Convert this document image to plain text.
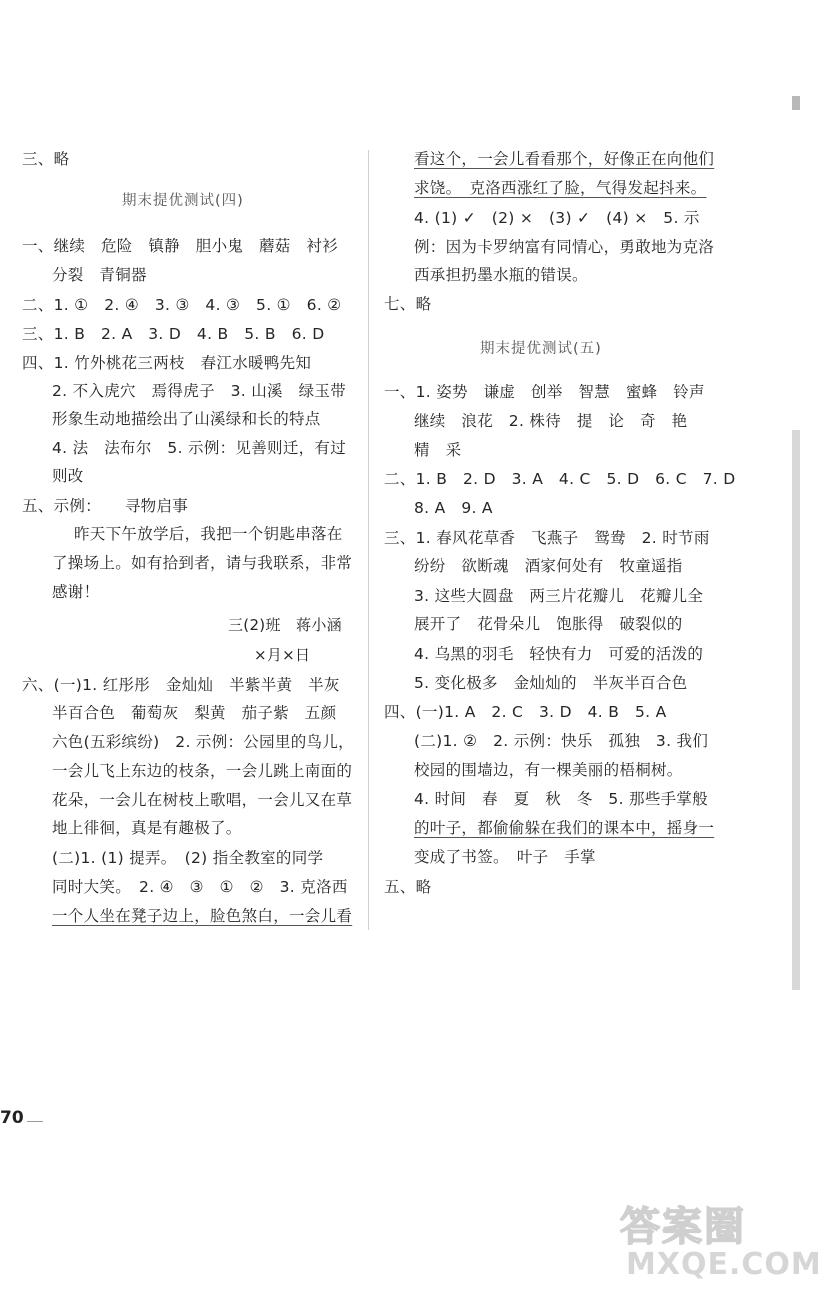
三、略
期末提优测试(四)
一、继续　危险　镇静　胆小鬼　蘑菇　衬衫
分裂　青铜器
二、1. ①　2. ④　3. ③　4. ③　5. ①　6. ②
三、1. B　2. A　3. D　4. B　5. B　6. D
四、1. 竹外桃花三两枝　春江水暖鸭先知
2. 不入虎穴　焉得虎子　3. 山溪　绿玉带
形象生动地描绘出了山溪绿和长的特点
4. 法　法布尔　5. 示例：见善则迁，有过
则改
五、示例：　　寻物启事
昨天下午放学后，我把一个钥匙串落在
了操场上。如有拾到者，请与我联系，非常
感谢！
三(2)班　蒋小涵
×月×日
六、(一)1. 红彤彤　金灿灿　半紫半黄　半灰
半百合色　葡萄灰　梨黄　茄子紫　五颜
六色(五彩缤纷)　2. 示例：公园里的鸟儿，
一会儿飞上东边的枝条，一会儿跳上南面的
花朵，一会儿在树枝上歌唱，一会儿又在草
地上徘徊，真是有趣极了。
(二)1. (1) 提弄。　(2) 指全教室的同学
同时大笑。　2. ④　③　①　②　3. 克洛西
一个人坐在凳子边上，脸色煞白，一会儿看
看这个，一会儿看看那个，好像正在向他们
求饶。　克洛西涨红了脸，气得发起抖来。
4. (1) ✓　(2) ×　(3) ✓　(4) ×　5. 示
例：因为卡罗纳富有同情心，勇敢地为克洛
西承担扔墨水瓶的错误。
七、略
期末提优测试(五)
一、1. 姿势　谦虚　创举　智慧　蜜蜂　铃声
继续　浪花　2. 株待　提　论　奇　艳
精　采
二、1. B　2. D　3. A　4. C　5. D　6. C　7. D
8. A　9. A
三、1. 春风花草香　飞燕子　鸳鸯　2. 时节雨
纷纷　欲断魂　酒家何处有　牧童遥指
3. 这些大圆盘　两三片花瓣儿　花瓣儿全
展开了　花骨朵儿　饱胀得　破裂似的
4. 乌黑的羽毛　轻快有力　可爱的活泼的
5. 变化极多　金灿灿的　半灰半百合色
四、(一)1. A　2. C　3. D　4. B　5. A
(二)1. ②　2. 示例：快乐　孤独　3. 我们
校园的围墙边，有一棵美丽的梧桐树。
4. 时间　春　夏　秋　冬　5. 那些手掌般
的叶子，都偷偷躲在我们的课本中，摇身一
变成了书签。　叶子　手掌
五、略
70
答案圈
MXQE.COM
